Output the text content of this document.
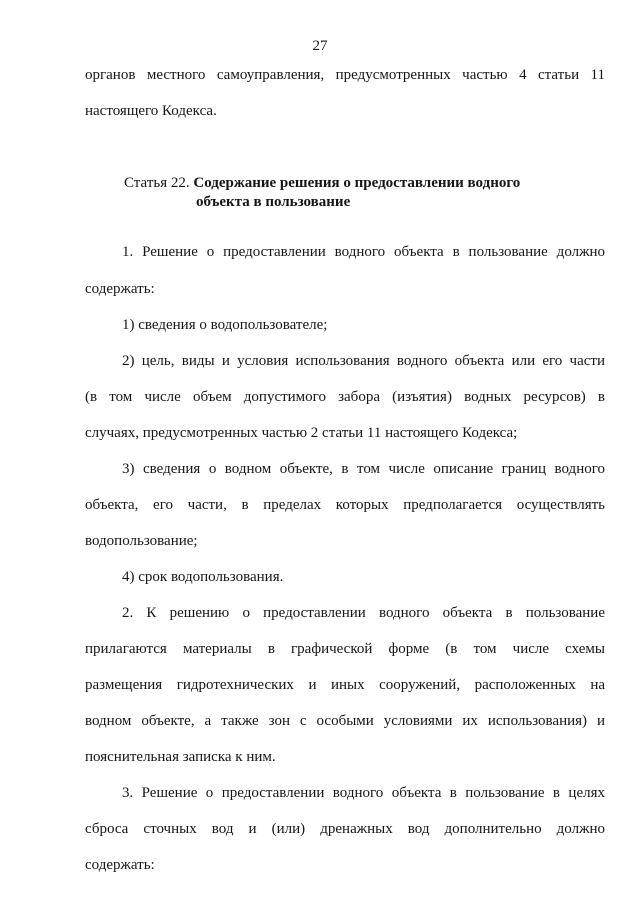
27
органов местного самоуправления, предусмотренных частью 4 статьи 11
настоящего Кодекса.
Статья 22. Содержание решения о предоставлении водного
объекта в пользование
1. Решение о предоставлении водного объекта в пользование должно
содержать:
1) сведения о водопользователе;
2) цель, виды и условия использования водного объекта или его части
(в том числе объем допустимого забора (изъятия) водных ресурсов) в
случаях, предусмотренных частью 2 статьи 11 настоящего Кодекса;
3) сведения о водном объекте, в том числе описание границ водного
объекта, его части, в пределах которых предполагается осуществлять
водопользование;
4) срок водопользования.
2. К решению о предоставлении водного объекта в пользование
прилагаются материалы в графической форме (в том числе схемы
размещения гидротехнических и иных сооружений, расположенных на
водном объекте, а также зон с особыми условиями их использования) и
пояснительная записка к ним.
3. Решение о предоставлении водного объекта в пользование в целях
сброса сточных вод и (или) дренажных вод дополнительно должно
содержать:
